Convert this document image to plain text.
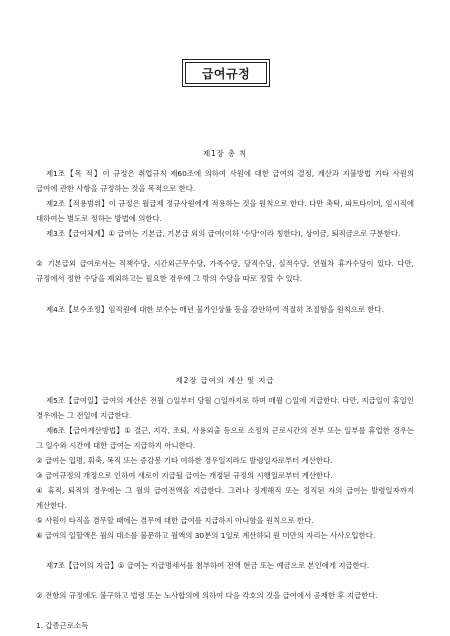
급여규정
제1장 총 칙
제1조【목 적】이 규정은 취업규칙 제60조에 의하여 사원에 대한 급여의 결정, 계산과 지불방법 기타 사원의 급여에 관한 사항을 규정하는 것을 목적으로 한다.
제2조【적용범위】이 규정은 월급제 정규사원에게 적용하는 것을 원칙으로 한다. 다만 촉탁, 파트타이머, 임시직에 대하여는 별도로 정하는 방법에 의한다.
제3조【급여체계】① 급여는 기본급, 기본급 외의 급여(이하 '수당'이라 칭한다), 상여금, 퇴직금으로 구분한다.
② 기본급외 급여로서는 직책수당, 시간외근무수당, 가족수당, 당직수당, 실적수당, 연월차 휴가수당이 있다. 다만, 규정에서 정한 수당을 제외하고는 필요한 경우에 그 밖의 수당을 따로 정할 수 있다.
제4조【보수조정】임직원에 대한 보수는 매년 물가인상률 등을 감안하여 적절히 조절함을 원칙으로 한다.
제2장 급여의 계산 및 지급
제5조【급여일】급여의 계산은 전월 ○일부터 당월 ○일까지로 하며 매월 ○일에 지급한다. 다만, 지급일이 휴일인 경우에는 그 전일에 지급한다.
제6조【급여계산방법】① 결근, 지각, 조퇴, 사용외출 등으로 소정의 근로시간의 전부 또는 일부를 휴업한 경우는 그 일수와 시간에 대한 급여는 지급하지 아니한다.
② 급여는 입명, 휘축, 복직 또는 증감봉 기타 여하한 경우일지라도 발령일자로부터 계산한다.
③ 급여규정의 개정으로 인하여 새로이 지급될 급여는 개정된 규정의 시행일로부터 계산한다.
④ 휴직, 퇴직의 경우에는 그 월의 급여전액을 지급한다. 그러나 징계해직 또는 정직된 자의 급여는 발령일자까지 계산한다.
⑤ 사원이 타직을 겸무할 때에는 겸무에 대한 급여를 지급하지 아니함을 원칙으로 한다.
⑥ 급여의 일할액은 월의 대소를 불문하고 월액의 30분의 1일로 계산하되 원 미만의 자리는 사사오입한다.
제7조【급여의 지급】① 급여는 지급명세서를 첨부하여 전액 현금 또는 예금으로 본인에게 지급한다.
② 전항의 규정에도 불구하고 법령 또는 노사합의에 의하여 다음 각호의 것을 급여에서 공제한 후 지급한다.
1. 갑종근로소득
